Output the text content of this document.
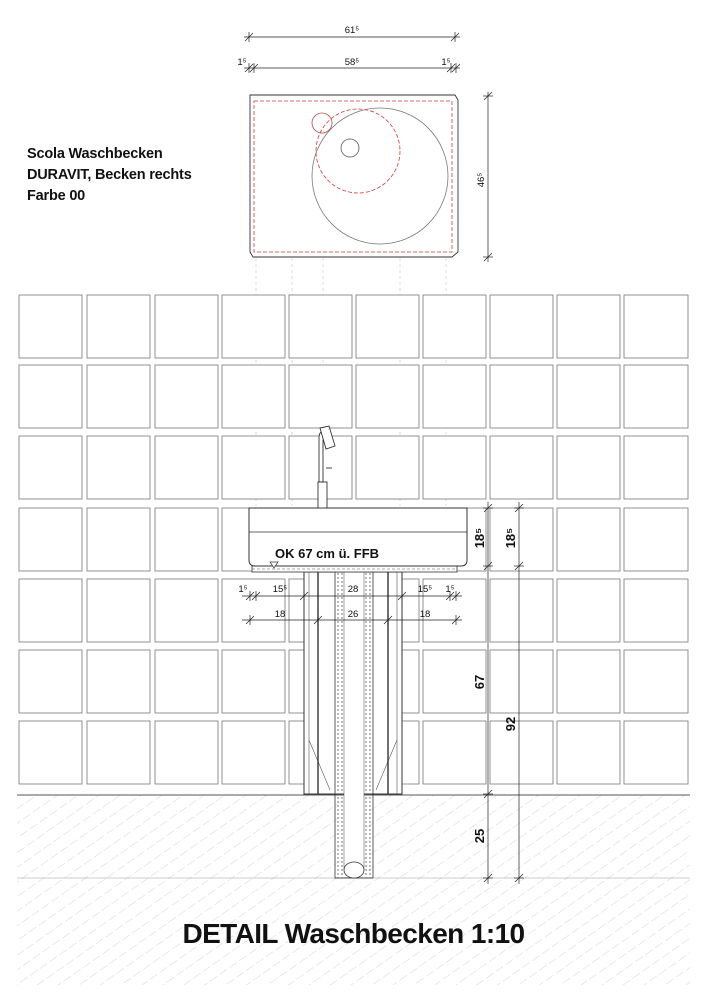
Scola Waschbecken
DURAVIT, Becken rechts
Farbe 00
61⁵
1⁵	58⁵	1⁵
46⁵
OK 67 cm ü. FFB
1⁵	15⁵	28	15⁵ 1⁵
18	26	18
18⁵ 18⁵
67
92
25
DETAIL Waschbecken 1:10
